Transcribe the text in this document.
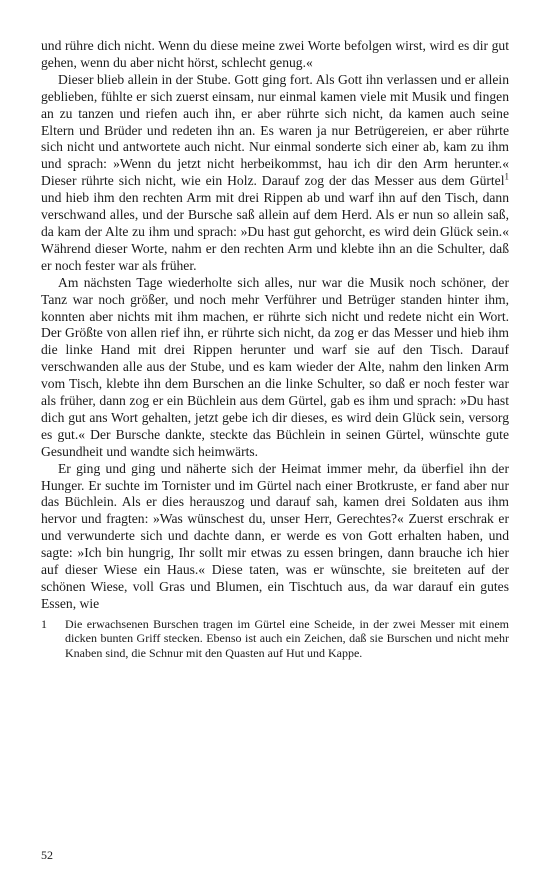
und rühre dich nicht. Wenn du diese meine zwei Worte befolgen wirst, wird es dir gut gehen, wenn du aber nicht hörst, schlecht genug.«

Dieser blieb allein in der Stube. Gott ging fort. Als Gott ihn verlassen und er allein geblieben, fühlte er sich zuerst einsam, nur einmal kamen viele mit Musik und fingen an zu tanzen und riefen auch ihn, er aber rührte sich nicht, da kamen auch seine Eltern und Brüder und redeten ihn an. Es waren ja nur Betrügereien, er aber rührte sich nicht und antwortete auch nicht. Nur einmal sonderte sich einer ab, kam zu ihm und sprach: »Wenn du jetzt nicht herbeikommst, hau ich dir den Arm herunter.« Dieser rührte sich nicht, wie ein Holz. Darauf zog der das Messer aus dem Gürtel$^1$ und hieb ihm den rechten Arm mit drei Rippen ab und warf ihn auf den Tisch, dann verschwand alles, und der Bursche saß allein auf dem Herd. Als er nun so allein saß, da kam der Alte zu ihm und sprach: »Du hast gut gehorcht, es wird dein Glück sein.« Während dieser Worte, nahm er den rechten Arm und klebte ihn an die Schulter, daß er noch fester war als früher.

Am nächsten Tage wiederholte sich alles, nur war die Musik noch schöner, der Tanz war noch größer, und noch mehr Verführer und Betrüger standen hinter ihm, konnten aber nichts mit ihm machen, er rührte sich nicht und redete nicht ein Wort. Der Größte von allen rief ihn, er rührte sich nicht, da zog er das Messer und hieb ihm die linke Hand mit drei Rippen herunter und warf sie auf den Tisch. Darauf verschwanden alle aus der Stube, und es kam wieder der Alte, nahm den linken Arm vom Tisch, klebte ihn dem Burschen an die linke Schulter, so daß er noch fester war als früher, dann zog er ein Büchlein aus dem Gürtel, gab es ihm und sprach: »Du hast dich gut ans Wort gehalten, jetzt gebe ich dir dieses, es wird dein Glück sein, versorg es gut.« Der Bursche dankte, steckte das Büchlein in seinen Gürtel, wünschte gute Gesundheit und wandte sich heimwärts.

Er ging und ging und näherte sich der Heimat immer mehr, da überfiel ihn der Hunger. Er suchte im Tornister und im Gürtel nach einer Brotkruste, er fand aber nur das Büchlein. Als er dies herauszog und darauf sah, kamen drei Soldaten aus ihm hervor und fragten: »Was wünschest du, unser Herr, Gerechtes?« Zuerst erschrak er und verwunderte sich und dachte dann, er werde es von Gott erhalten haben, und sagte: »Ich bin hungrig, Ihr sollt mir etwas zu essen bringen, dann brauche ich hier auf dieser Wiese ein Haus.« Diese taten, was er wünschte, sie breiteten auf der schönen Wiese, voll Gras und Blumen, ein Tischtuch aus, da war darauf ein gutes Essen, wie

1	Die erwachsenen Burschen tragen im Gürtel eine Scheide, in der zwei Messer mit einem dicken bunten Griff stecken. Ebenso ist auch ein Zeichen, daß sie Burschen und nicht mehr Knaben sind, die Schnur mit den Quasten auf Hut und Kappe.
52
